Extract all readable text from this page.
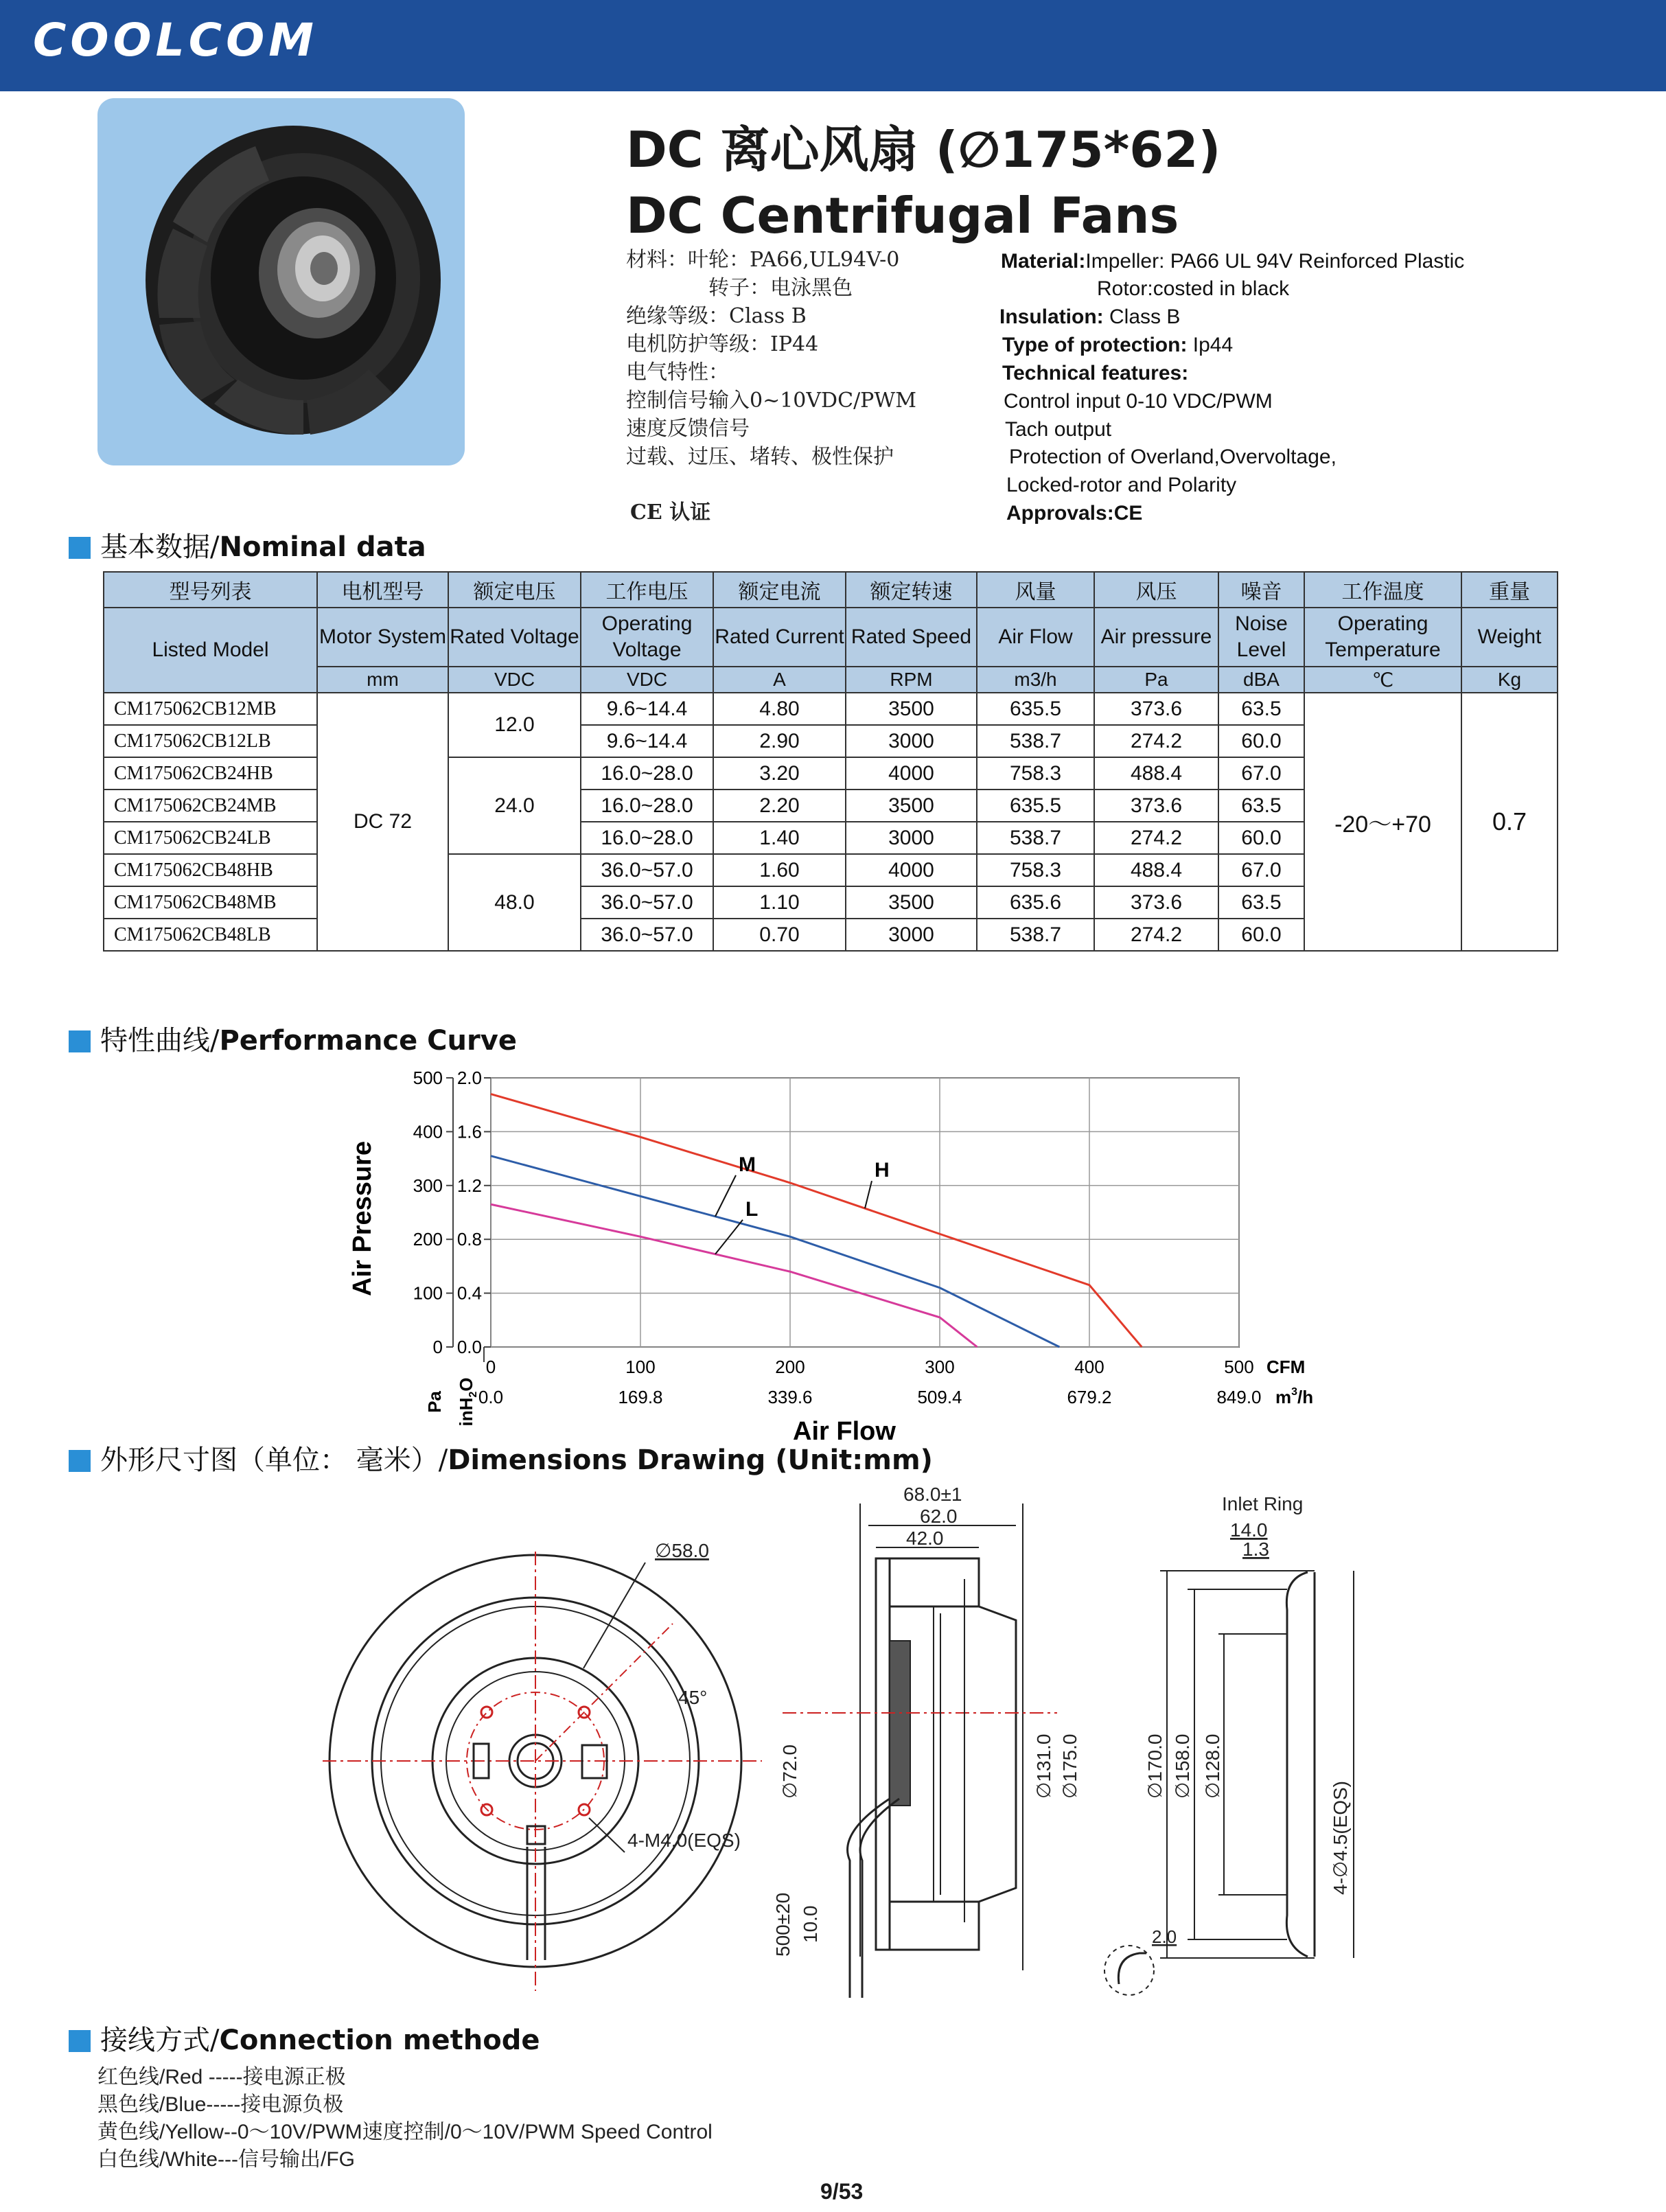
COOLCOM
DC 离心风扇 (∅175*62)
DC Centrifugal Fans
材料：叶轮：PA66,UL94V-0
转子：电泳黑色
绝缘等级：Class B
电机防护等级：IP44
电气特性：
控制信号输入0~10VDC/PWM
速度反馈信号
过载、过压、堵转、极性保护
CE 认证
Material:Impeller: PA66 UL 94V Reinforced Plastic
Rotor:costed in black
Insulation: Class B
Type of protection: Ip44
Technical features:
Control input 0-10 VDC/PWM
Tach output
Protection of Overland,Overvoltage,
Locked-rotor and Polarity
Approvals:CE
基本数据/Nominal data
型号列表	电机型号	额定电压	工作电压	额定电流	额定转速	风量	风压	噪音	工作温度	重量
Listed Model	Motor System	Rated Voltage	Operating Voltage	Rated Current	Rated Speed	Air Flow	Air pressure	Noise Level	Operating Temperature	Weight
	mm	VDC	VDC	A	RPM	m3/h	Pa	dBA	℃	Kg
CM175062CB12MB	DC 72	12.0	9.6~14.4	4.80	3500	635.5	373.6	63.5	-20～+70	0.7
CM175062CB12LB			9.6~14.4	2.90	3000	538.7	274.2	60.0		
CM175062CB24HB		24.0	16.0~28.0	3.20	4000	758.3	488.4	67.0		
CM175062CB24MB			16.0~28.0	2.20	3500	635.5	373.6	63.5		
CM175062CB24LB			16.0~28.0	1.40	3000	538.7	274.2	60.0		
CM175062CB48HB		48.0	36.0~57.0	1.60	4000	758.3	488.4	67.0		
CM175062CB48MB			36.0~57.0	1.10	3500	635.6	373.6	63.5		
CM175062CB48LB			36.0~57.0	0.70	3000	538.7	274.2	60.0		
特性曲线/Performance Curve
H
M
L
0
0.0
100
169.8
200
339.6
300
509.4
400
679.2
500
849.0
500 2.0
400 1.6
300 1.2
200 0.8
100 0.4
0 0.0
Air Pressure
Air Flow
Pa inH$_2$O
CFM
$m^3/h$
外形尺寸图（单位： 毫米）/Dimensions Drawing (Unit:mm)
∅58.0
45°
4-M4.0(EQS)
68.0±1
62.0
42.0
∅72.0	∅131.0 ∅175.0
500±20 10.0
Inlet Ring
14.0
1.3
∅170.0 ∅158.0 ∅128.0
4-∅4.5(EQS)
2.0
接线方式/Connection methode
红色线/Red -----接电源正极
黑色线/Blue-----接电源负极
黄色线/Yellow--0～10V/PWM速度控制/0～10V/PWM Speed Control
白色线/White---信号输出/FG
9/53
